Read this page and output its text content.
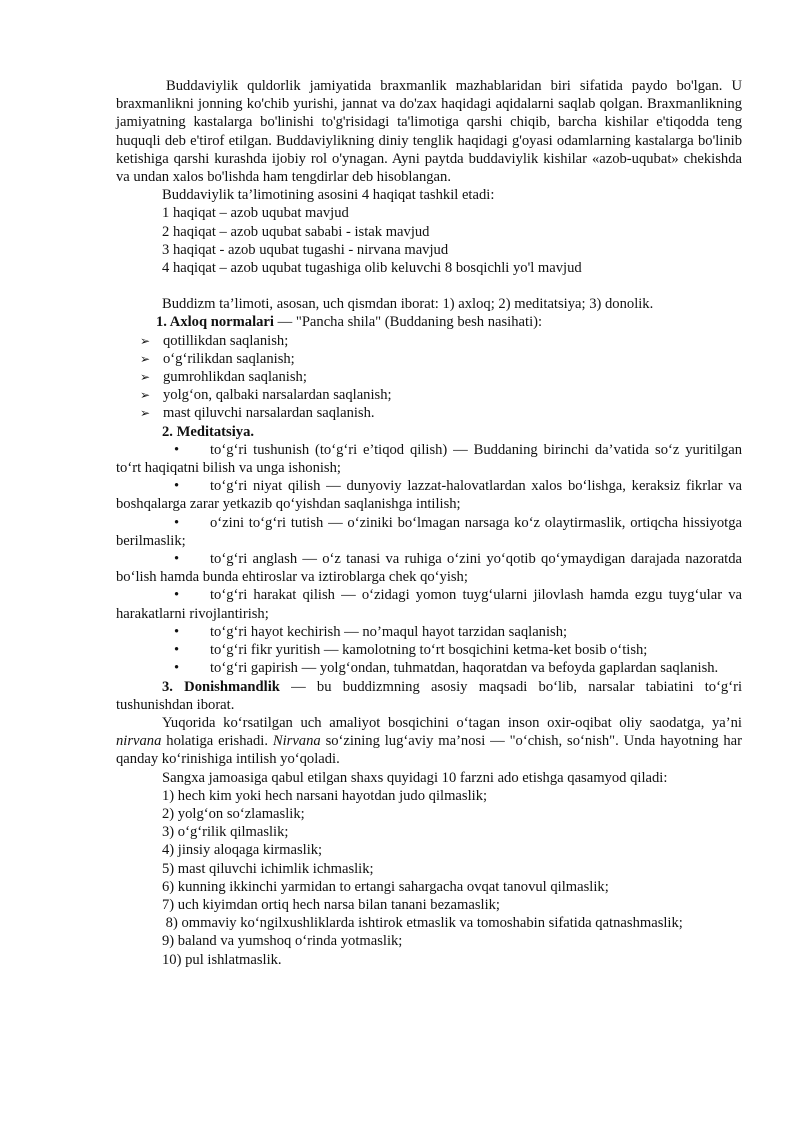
Buddaviylik quldorlik jamiyatida braxmanlik mazhablaridan biri sifatida paydo bo'lgan. U braxmanlikni jonning ko'chib yurishi, jannat va do'zax haqidagi aqidalarni saqlab qolgan. Braxmanlikning jamiyatning kastalarga bo'linishi to'g'risidagi ta'limotiga qarshi chiqib, barcha kishilar e'tiqodda teng huquqli deb e'tirof etilgan. Buddaviylikning diniy tenglik haqidagi g'oyasi odamlarning kastalarga bo'linib ketishiga qarshi kurashda ijobiy rol o'ynagan. Ayni paytda buddaviylik kishilar «azob-uqubat» chekishda va undan xalos bo'lishda ham tengdirlar deb hisoblangan.

Buddaviylik ta’limotining asosini 4 haqiqat tashkil etadi:

1 haqiqat – azob uqubat mavjud

2 haqiqat – azob uqubat sababi - istak mavjud

3 haqiqat - azob uqubat tugashi - nirvana mavjud

4 haqiqat – azob uqubat tugashiga olib keluvchi 8 bosqichli yo'l mavjud

Buddizm ta’limoti, asosan, uch qismdan iborat: 1) axloq; 2) meditatsiya; 3) donolik.

1. Axloq normalari — "Pancha shila" (Buddaning besh nasihati):

➢ qotillikdan saqlanish;
➢ o‘g‘rilikdan saqlanish;
➢ gumrohlikdan saqlanish;
➢ yolg‘on, qalbaki narsalardan saqlanish;
➢ mast qiluvchi narsalardan saqlanish.

2. Meditatsiya.

• to‘g‘ri tushunish (to‘g‘ri e’tiqod qilish) — Buddaning birinchi da’vatida so‘z yuritilgan to‘rt haqiqatni bilish va unga ishonish;

• to‘g‘ri niyat qilish — dunyoviy lazzat-halovatlardan xalos bo‘lishga, keraksiz fikrlar va boshqalarga zarar yetkazib qo‘yishdan saqlanishga intilish;

• o‘zini to‘g‘ri tutish — o‘ziniki bo‘lmagan narsaga ko‘z olaytirmaslik, ortiqcha hissiyotga berilmaslik;

• to‘g‘ri anglash — o‘z tanasi va ruhiga o‘zini yo‘qotib qo‘ymaydigan darajada nazoratda bo‘lish hamda bunda ehtiroslar va iztiroblarga chek qo‘yish;

• to‘g‘ri harakat qilish — o‘zidagi yomon tuyg‘ularni jilovlash hamda ezgu tuyg‘ular va harakatlarni rivojlantirish;

• to‘g‘ri hayot kechirish — no’maqul hayot tarzidan saqlanish;

• to‘g‘ri fikr yuritish — kamolotning to‘rt bosqichini ketma-ket bosib o‘tish;

• to‘g‘ri gapirish — yolg‘ondan, tuhmatdan, haqoratdan va befoyda gaplardan saqlanish.

3. Donishmandlik — bu buddizmning asosiy maqsadi bo‘lib, narsalar tabiatini to‘g‘ri tushunishdan iborat.

Yuqorida ko‘rsatilgan uch amaliyot bosqichini o‘tagan inson oxir-oqibat oliy saodatga, ya’ni nirvana holatiga erishadi. Nirvana so‘zining lug‘aviy ma’nosi — "o‘chish, so‘nish". Unda hayotning har qanday ko‘rinishiga intilish yo‘qoladi.

Sangxa jamoasiga qabul etilgan shaxs quyidagi 10 farzni ado etishga qasamyod qiladi:

1) hech kim yoki hech narsani hayotdan judo qilmaslik;

2) yolg‘on so‘zlamaslik;

3) o‘g‘rilik qilmaslik;

4) jinsiy aloqaga kirmaslik;

5) mast qiluvchi ichimlik ichmaslik;

6) kunning ikkinchi yarmidan to ertangi sahargacha ovqat tanovul qilmaslik;

7) uch kiyimdan ortiq hech narsa bilan tanani bezamaslik;

8) ommaviy ko‘ngilxushliklarda ishtirok etmaslik va tomoshabin sifatida qatnashmaslik;

9) baland va yumshoq o‘rinda yotmaslik;

10) pul ishlatmaslik.
